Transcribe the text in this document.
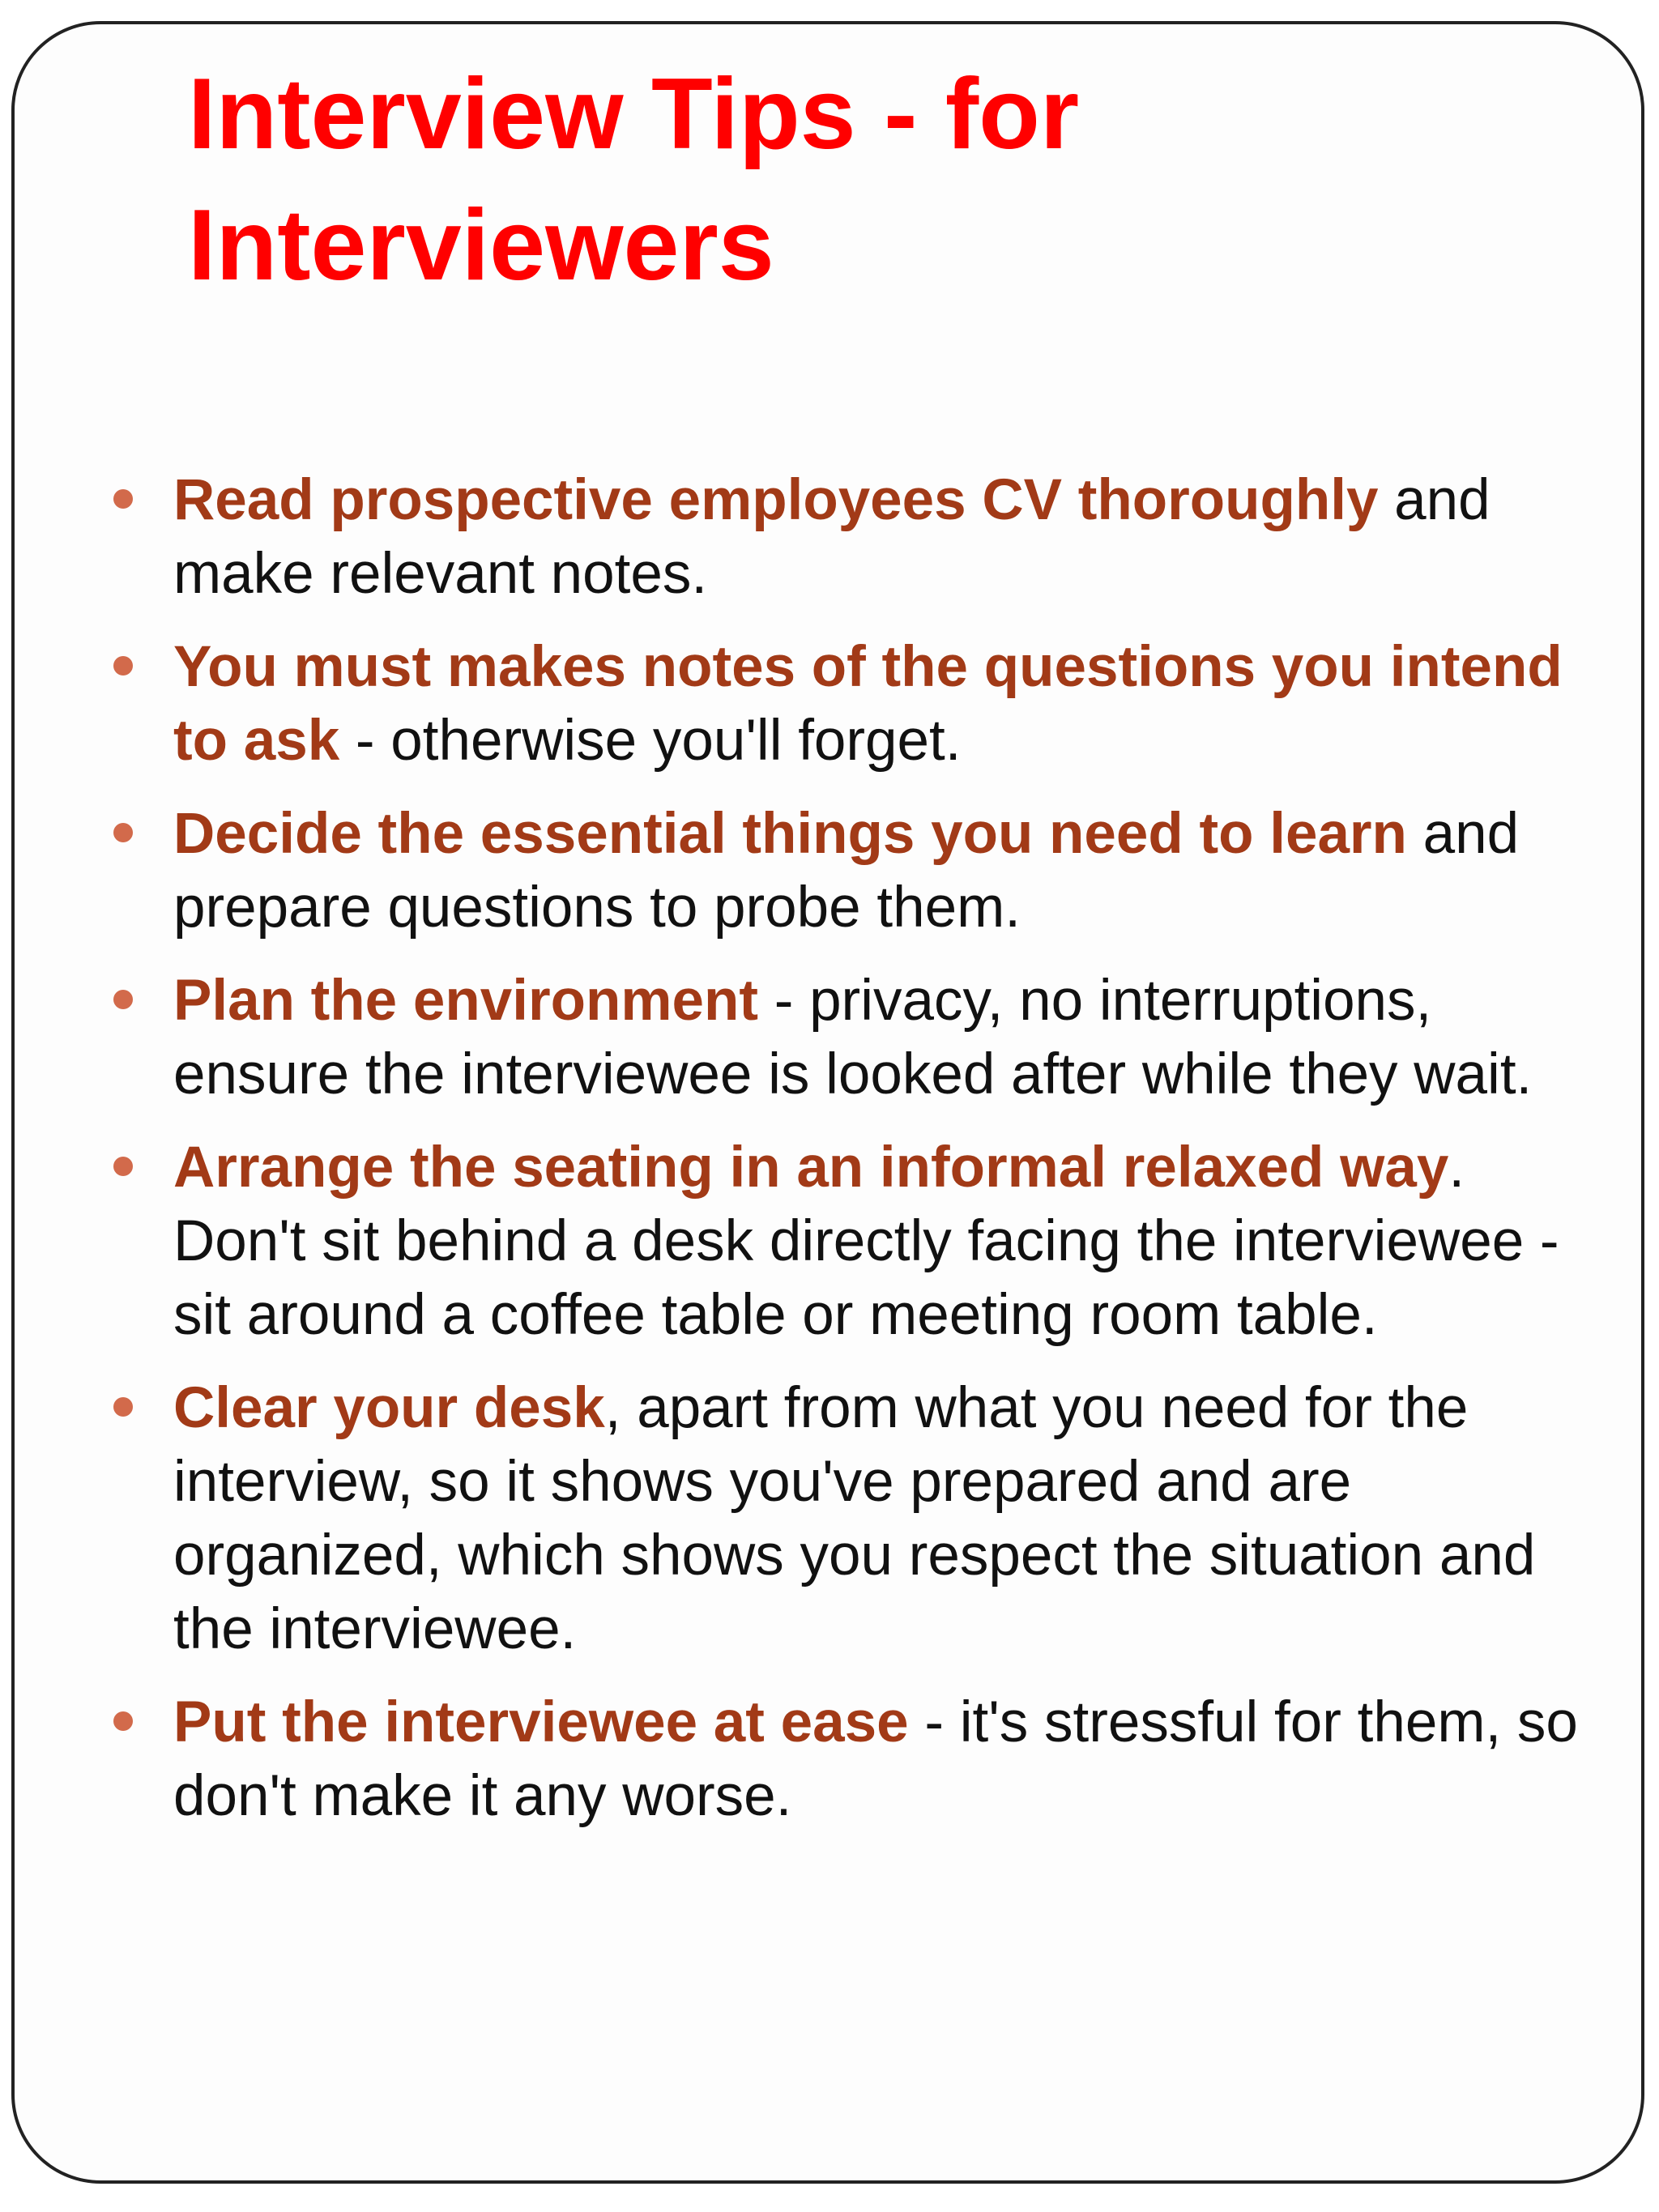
Interview Tips - for Interviewers
Read prospective employees CV thoroughly and make relevant notes.
You must makes notes of the questions you intend to ask - otherwise you'll forget.
Decide the essential things you need to learn and prepare questions to probe them.
Plan the environment - privacy, no interruptions, ensure the interviewee is looked after while they wait.
Arrange the seating in an informal relaxed way. Don't sit behind a desk directly facing the interviewee - sit around a coffee table or meeting room table.
Clear your desk, apart from what you need for the interview, so it shows you've prepared and are organized, which shows you respect the situation and the interviewee.
Put the interviewee at ease - it's stressful for them, so don't make it any worse.
